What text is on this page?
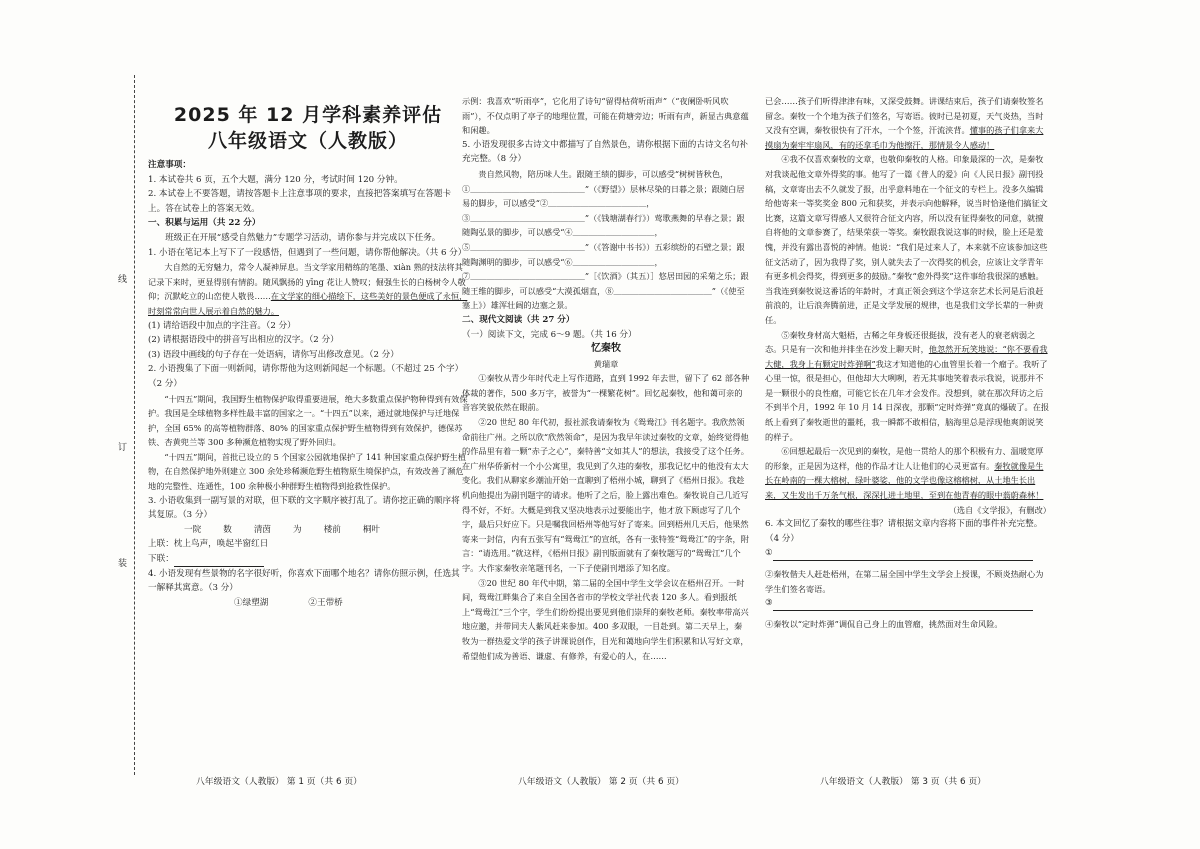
线
订
装
2025 年 12 月学科素养评估
八年级语文（人教版）
注意事项：
1. 本试卷共 6 页，五个大题，满分 120 分，考试时间 120 分钟。
2. 本试卷上不要答题，请按答题卡上注意事项的要求，直接把答案填写在答题卡上。答在试卷上的答案无效。
一、积累与运用（共 22 分）
班级正在开展“感受自然魅力”专题学习活动，请你参与并完成以下任务。
1. 小语在笔记本上写下了一段感悟，但遇到了一些问题，请你帮他解决。（共 6 分）
大自然的无穷魅力，常令人凝神屏息。当文学家用精练的笔墨、xiàn 熟的技法将其记录下来时，更显得别有情韵。随风飘扬的 yīng 花让人赞叹；倔强生长的白杨树令人敬仰；沉默屹立的山峦使人敬畏……在文学家的细心描绘下，这些美好的景色便成了永恒，时刻常常向世人展示着自然的魅力。
(1) 请给语段中加点的字注音。（2 分）
(2) 请根据语段中的拼音写出相应的汉字。（2 分）
(3) 语段中画线的句子存在一处语病，请你写出修改意见。（2 分）
2. 小语搜集了下面一则新闻，请你帮他为这则新闻起一个标题。（不超过 25 个字）（2 分）
“十四五”期间，我国野生植物保护取得重要进展，绝大多数重点保护物种得到有效保护。我国是全球植物多样性最丰富的国家之一。“十四五”以来，通过就地保护与迁地保护，全国 65% 的高等植物群落、80% 的国家重点保护野生植物得到有效保护，德保苏铁、杏黄兜兰等 300 多种濒危植物实现了野外回归。
“十四五”期间，首批已设立的 5 个国家公园就地保护了 141 种国家重点保护野生植物，在自然保护地外则建立 300 余处珍稀濒危野生植物原生境保护点，有效改善了濒危地的完整性、连通性，100 余种极小种群野生植物得到抢救性保护。
3. 小语收集到一副写景的对联，但下联的文字顺序被打乱了。请你挖正确的顺序将其复原。（3 分）
一院	数	清茵	为	楼前	桐叶
上联：枕上鸟声，唤起半窗红日
下联：
4. 小语发现有些景物的名字很好听，你喜欢下面哪个地名？请你仿照示例，任选其一解释其寓意。（3 分）
①绿塑湖	②王带桥
八年级语文（人教版） 第 1 页（共 6 页）
示例：我喜欢“听雨亭”，它化用了诗句“留得枯荷听雨声”（“夜阑卧听风吹雨”），不仅点明了亭子的地理位置，可能在荷塘旁边；听雨有声，新显古典意蕴和闲趣。
5. 小语发现很多古诗文中都描写了自然景色，请你根据下面的古诗文名句补充完整。（8 分）
贵自然风物，陪历味人生。跟随王绩的脚步，可以感受“树树皆秋色，
①＿＿＿＿＿＿＿＿＿＿＿＿＿＿”（《野望》）层林尽染的日暮之景；跟随白居易的脚步，可以感受“②＿＿＿＿＿＿＿＿＿＿＿＿，
③＿＿＿＿＿＿＿＿＿＿＿＿＿＿”（《钱塘湖春行》）莺歌燕舞的早春之景；跟随陶弘景的脚步，可以感受“④＿＿＿＿＿＿＿＿＿＿，
⑤＿＿＿＿＿＿＿＿＿＿＿＿＿＿”（《答谢中书书》）五彩缤纷的石壁之景；跟随陶渊明的脚步，可以感受“⑥＿＿＿＿＿＿＿＿＿＿，
⑦＿＿＿＿＿＿＿＿＿＿＿＿＿＿”［《饮酒》（其五）］悠居田园的采菊之乐；跟随王维的脚步，可以感受“大漠孤烟直，⑧＿＿＿＿＿＿＿＿＿＿＿＿”（《使至塞上》）雄浑壮阔的边塞之景。
二、现代文阅读（共 27 分）
（一）阅读下文，完成 6～9 题。（共 16 分）
忆秦牧
黄瑞章
①秦牧从青少年时代走上写作道路，直到 1992 年去世，留下了 62 部各种体裁的著作，500 多万字，被誉为“一棵繁花树”。回忆起秦牧，他和蔼可亲的音容笑貌依然在眼前。
②20 世纪 80 年代初，报社派我请秦牧为《鸳鸯江》刊名题字。我欣然领命前往广州。之所以欣“欣然领命”，是因为我早年读过秦牧的文章，始终觉得他的作品里有着一颗“赤子之心”，秦特善“文如其人”的想法，我接受了这个任务。在广州华侨新村一个小公寓里，我见到了久违的秦牧，那我记忆中的他没有太大变化。我们从聊家乡潮汕开始一直聊到了梧州小城，聊到了《梧州日报》。我趁机向他提出为副刊题字的请求。他听了之后，脸上露出难色。秦牧说自己几近写得不好，不好。大概是到我又坚决地表示过要能出字，他才放下顾虑写了几个字，最后只好应下。只是嘱我回梧州等他写好了寄来。回到梧州几天后，他果然寄来一封信，内有五张写有“鸳鸯江”的宣纸，各有一张特签“鸳鸯江”的字条，附言：“请选用。”就这样，《梧州日报》副刊版面就有了秦牧题写的“鸳鸯江”几个字。大作家秦牧亲笔题刊名，一下子使副刊增添了知名度。
③20 世纪 80 年代中期，第二届的全国中学生文学会议在梧州召开。一时间，鸳鸯江畔集合了来自全国各省市的学校文学社代表 120 多人。看到报纸上“鸳鸯江”三个字，学生们纷纷提出要见到他们崇拜的秦牧老师。秦牧率带高兴地应邀，并带同夫人紫风赶来参加。400 多双眼，一目赴到。第二天早上，秦牧为一群热爱文学的孩子讲课说创作，目光和蔼地向学生们积累和认写好文章，希望他们成为善语、谦虚、有修养，有爱心的人，在……
八年级语文（人教版） 第 2 页（共 6 页）
已会……孩子们听得津津有味，又深受鼓舞。讲课结束后，孩子们请秦牧签名留念。秦牧一个个地为孩子们签名，写寄语。彼时已是初夏，天气炎热，当时又没有空调，秦牧很快有了汗水，一个个签，汗流浃背。懂事的孩子们拿来大摸扇为秦牢牢扇风，有的还拿毛巾为他擦汗，那情景令人感动！
④我不仅喜欢秦牧的文章，也敬仰秦牧的人格。印象最深的一次，是秦牧对我谈起他文章外得奖的事。他写了一篇《普人的爱》向《人民日报》副刊投稿，文章寄出去不久就发了报，出乎意料地在一个征文的专栏上。没多久编辑给他寄来一等奖奖金 800 元和获奖，并表示向他解释，说当时恰逢他们搞征文比赛，这篇文章写得感人又很符合征文内容，所以没有征得秦牧的同意，就擅自将他的文章参赛了，结果荣获一等奖。秦牧跟我说这事的时候，脸上还是羞愧，并没有露出喜悦的神情。他说：“我们是过来人了，本来就不应该参加这些征文活动了，因为我得了奖，别人就失去了一次得奖的机会，应该让文学青年有更多机会得奖，得到更多的鼓励。”秦牧“愈外得奖”这件事给我很深的感触。当我连到秦牧说这番话的年龄时，才真正领会到这个学这奈艺术长河是后浪赶前浪的，让后浪奔腾前进，正是文学发展的规律，也是我们文学长辈的一种责任。
⑤秦牧身材高大魁梧，古稀之年身板还很挺拔，没有老人的衰老病弱之态。只是有一次和他并排坐在沙发上聊天时，他忽然开玩笑地说：“你不要看我大健，我身上有颗定时炸弹啊”我这才知道他的心血管里长着一个瘤子。我听了心里一惊，很是担心，但他却大大咧咧，若无其事地笑着表示我说，说那并不是一颗很小的良性瘤，可能它长在几年才会发作。没想到，就在那次拜访之后不到半个月，1992 年 10 月 14 日深夜，那颗“定时炸弹”竟真的爆破了。在报纸上看到了秦牧逝世的噩耗，我一瞬都不敢相信，脑海里总是浮现他爽朗说笑的样子。
⑥回想起最后一次见到的秦牧，是他一贯给人的那个积极有力、温暖宽厚的形象，正是因为这样，他的作品才让人让他们的心灵更富有。秦牧就像是生长在岭南的一棵大榕树，绿叶婆娑，他的文学也像这榕榕树，从土地生长出来，又生发出千万条气根，深深扎进土地里，至到在他青春的眼中蓊蔚森林！
（选自《文学报》，有删改）
6. 本文回忆了秦牧的哪些往事？请根据文章内容将下面的事件补充完整。（4 分）
①
②秦牧偕夫人赶赴梧州，在第二届全国中学生文学会上授课，不顾炎热耐心为学生们签名寄语。
③
④秦牧以“定时炸弹”调侃自己身上的血管瘤，挑然面对生命风险。
八年级语文（人教版） 第 3 页（共 6 页）
